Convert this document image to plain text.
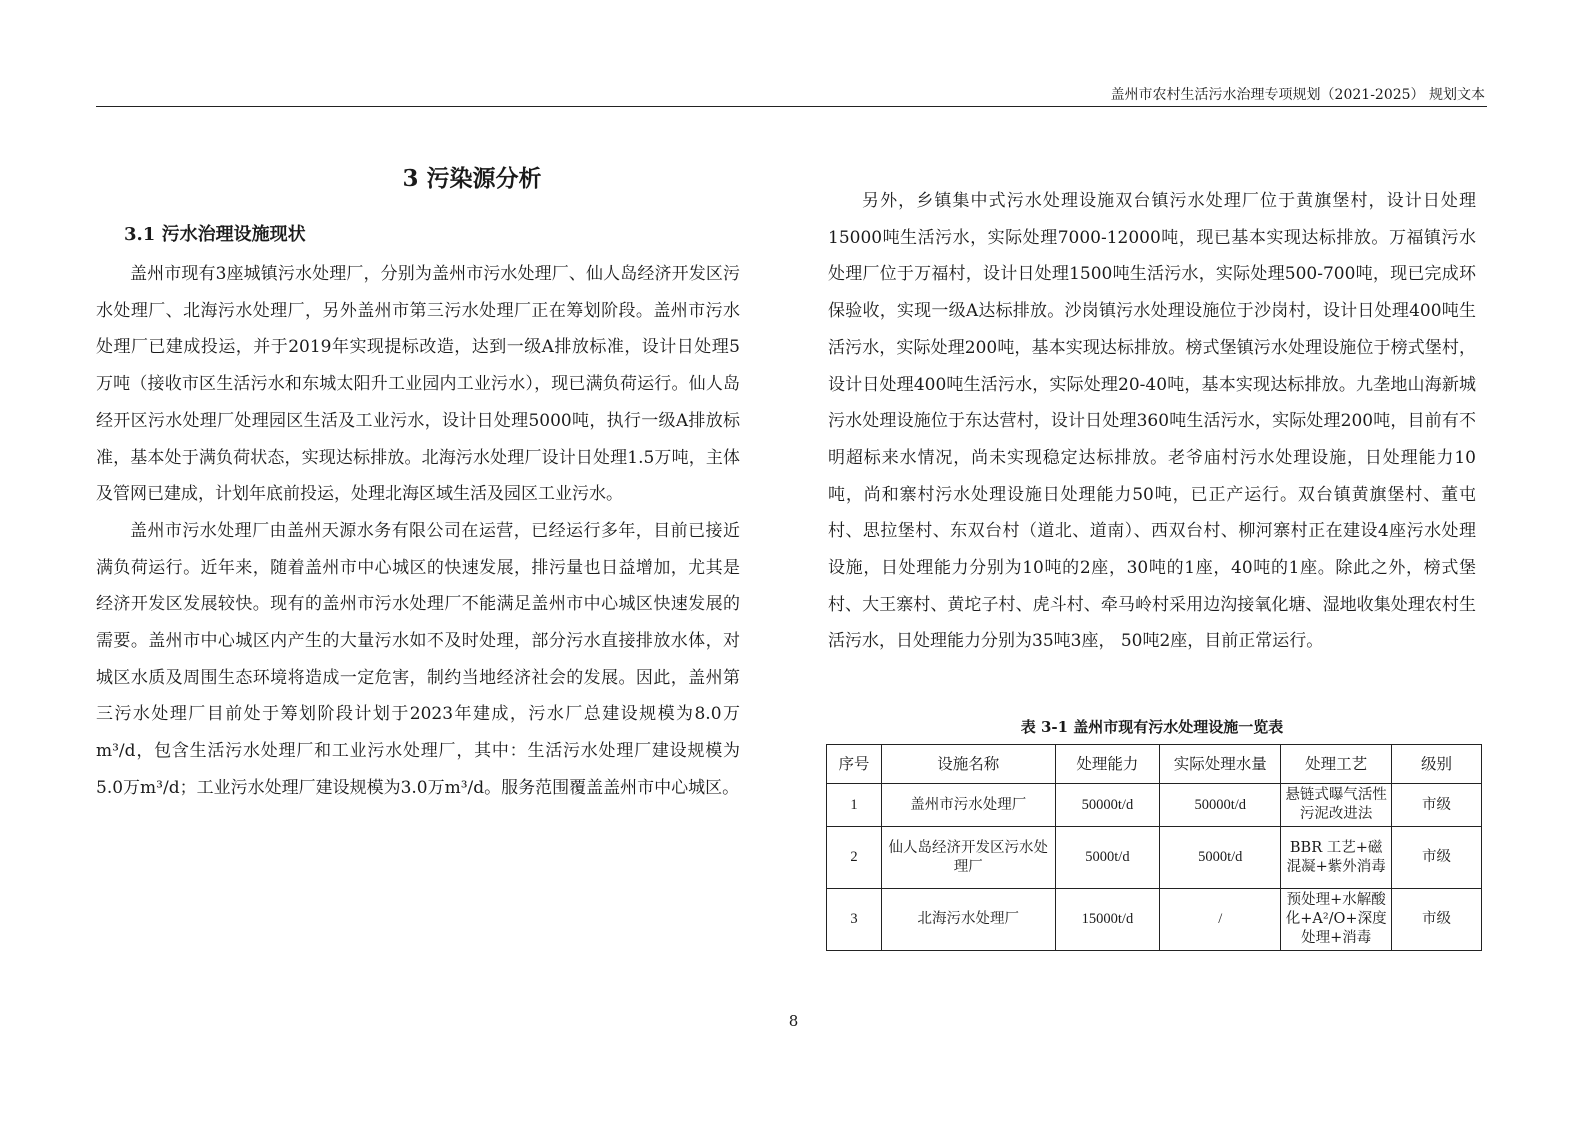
盖州市农村生活污水治理专项规划（2021-2025） 规划文本
3 污染源分析
3.1 污水治理设施现状

盖州市现有3座城镇污水处理厂，分别为盖州市污水处理厂、仙人岛经济开发区污水处理厂、北海污水处理厂，另外盖州市第三污水处理厂正在筹划阶段。盖州市污水处理厂已建成投运，并于2019年实现提标改造，达到一级A排放标准，设计日处理5万吨（接收市区生活污水和东城太阳升工业园内工业污水），现已满负荷运行。仙人岛经开区污水处理厂处理园区生活及工业污水，设计日处理5000吨，执行一级A排放标准，基本处于满负荷状态，实现达标排放。北海污水处理厂设计日处理1.5万吨，主体及管网已建成，计划年底前投运，处理北海区域生活及园区工业污水。

盖州市污水处理厂由盖州天源水务有限公司在运营，已经运行多年，目前已接近满负荷运行。近年来，随着盖州市中心城区的快速发展，排污量也日益增加，尤其是经济开发区发展较快。现有的盖州市污水处理厂不能满足盖州市中心城区快速发展的需要。盖州市中心城区内产生的大量污水如不及时处理，部分污水直接排放水体，对城区水质及周围生态环境将造成一定危害，制约当地经济社会的发展。因此，盖州第三污水处理厂目前处于筹划阶段计划于2023年建成，污水厂总建设规模为8.0万m³/d，包含生活污水处理厂和工业污水处理厂，其中：生活污水处理厂建设规模为5.0万m³/d；工业污水处理厂建设规模为3.0万m³/d。服务范围覆盖盖州市中心城区。

另外，乡镇集中式污水处理设施双台镇污水处理厂位于黄旗堡村，设计日处理15000吨生活污水，实际处理7000-12000吨，现已基本实现达标排放。万福镇污水处理厂位于万福村，设计日处理1500吨生活污水，实际处理500-700吨，现已完成环保验收，实现一级A达标排放。沙岗镇污水处理设施位于沙岗村，设计日处理400吨生活污水，实际处理200吨，基本实现达标排放。榜式堡镇污水处理设施位于榜式堡村，设计日处理400吨生活污水，实际处理20-40吨，基本实现达标排放。九垄地山海新城污水处理设施位于东达营村，设计日处理360吨生活污水，实际处理200吨，目前有不明超标来水情况，尚未实现稳定达标排放。老爷庙村污水处理设施，日处理能力10吨，尚和寨村污水处理设施日处理能力50吨，已正产运行。双台镇黄旗堡村、董屯村、思拉堡村、东双台村（道北、道南）、西双台村、柳河寨村正在建设4座污水处理设施，日处理能力分别为10吨的2座，30吨的1座，40吨的1座。除此之外，榜式堡村、大王寨村、黄坨子村、虎斗村、牵马岭村采用边沟接氧化塘、湿地收集处理农村生活污水，日处理能力分别为35吨3座， 50吨2座，目前正常运行。

表 3-1 盖州市现有污水处理设施一览表
序号	设施名称	处理能力	实际处理水量	处理工艺	级别
1	盖州市污水处理厂	50000t/d	50000t/d	悬链式曝气活性污泥改进法	市级
2	仙人岛经济开发区污水处理厂	5000t/d	5000t/d	BBR 工艺+磁混凝+紫外消毒	市级
3	北海污水处理厂	15000t/d	/	预处理+水解酸化+A²/O+深度处理+消毒	市级
8
